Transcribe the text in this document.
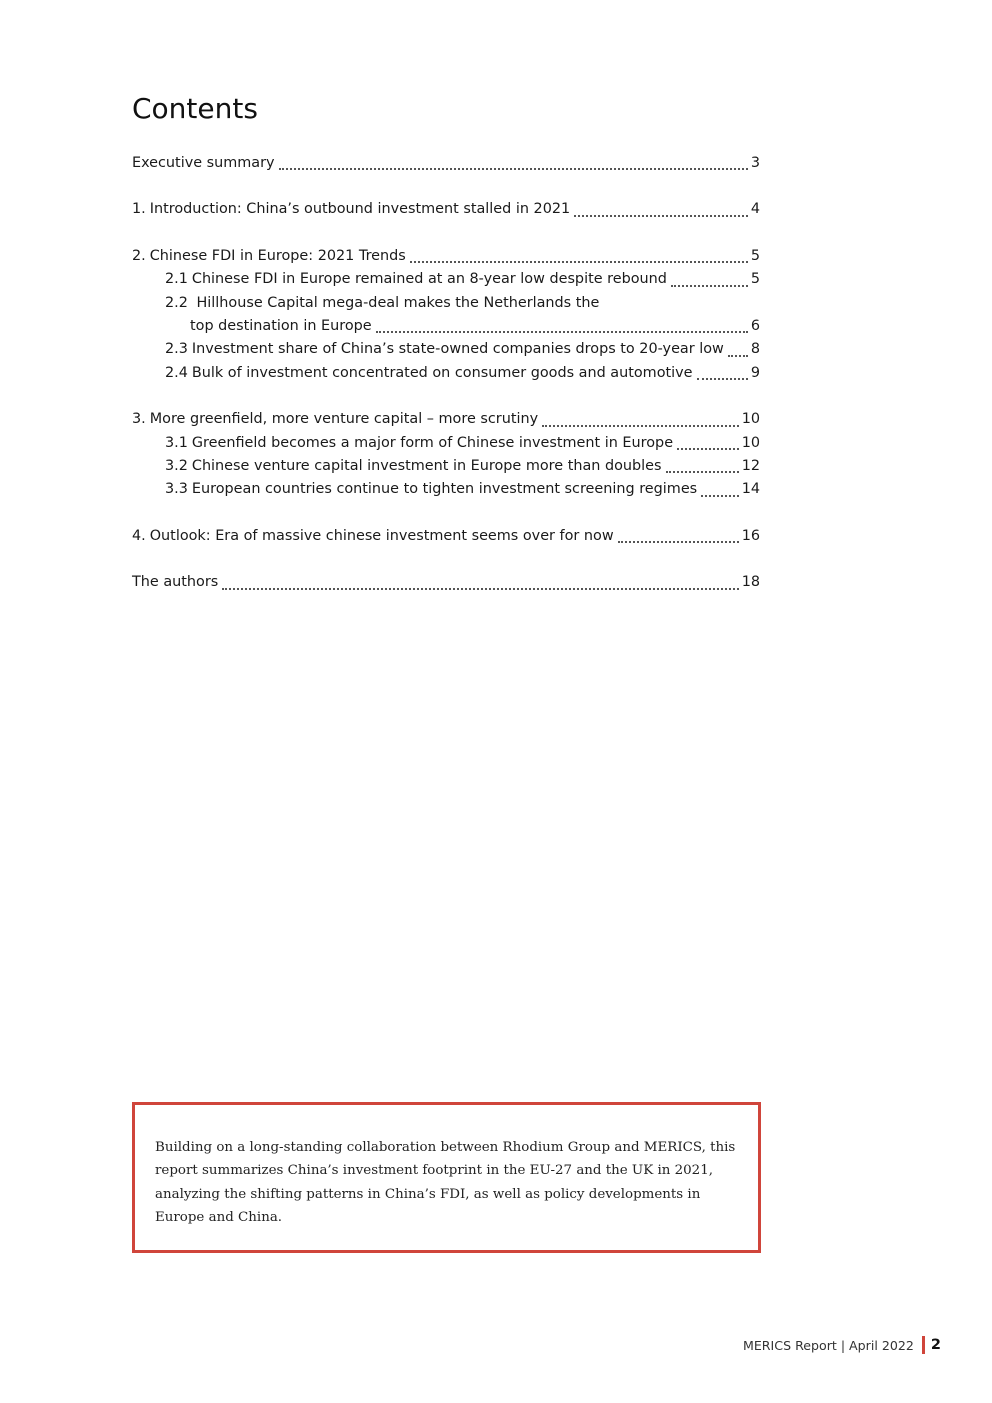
Contents
Executive summary	3
1. Introduction: China’s outbound investment stalled in 2021	4
2. Chinese FDI in Europe: 2021 Trends	5
2.1 Chinese FDI in Europe remained at an 8-year low despite rebound	5
2.2 Hillhouse Capital mega-deal makes the Netherlands the
top destination in Europe	6
2.3 Investment share of China’s state-owned companies drops to 20-year low 8
2.4 Bulk of investment concentrated on consumer goods and automotive	9
3. More greenfield, more venture capital – more scrutiny	10
3.1 Greenfield becomes a major form of Chinese investment in Europe	10
3.2 Chinese venture capital investment in Europe more than doubles	12
3.3 European countries continue to tighten investment screening regimes	14
4. Outlook: Era of massive chinese investment seems over for now	16
The authors	18

Building on a long-standing collaboration between Rhodium Group and MERICS, this report summarizes China’s investment footprint in the EU-27 and the UK in 2021, analyzing the shifting patterns in China’s FDI, as well as policy developments in Europe and China.

MERICS Report | April 2022 2
